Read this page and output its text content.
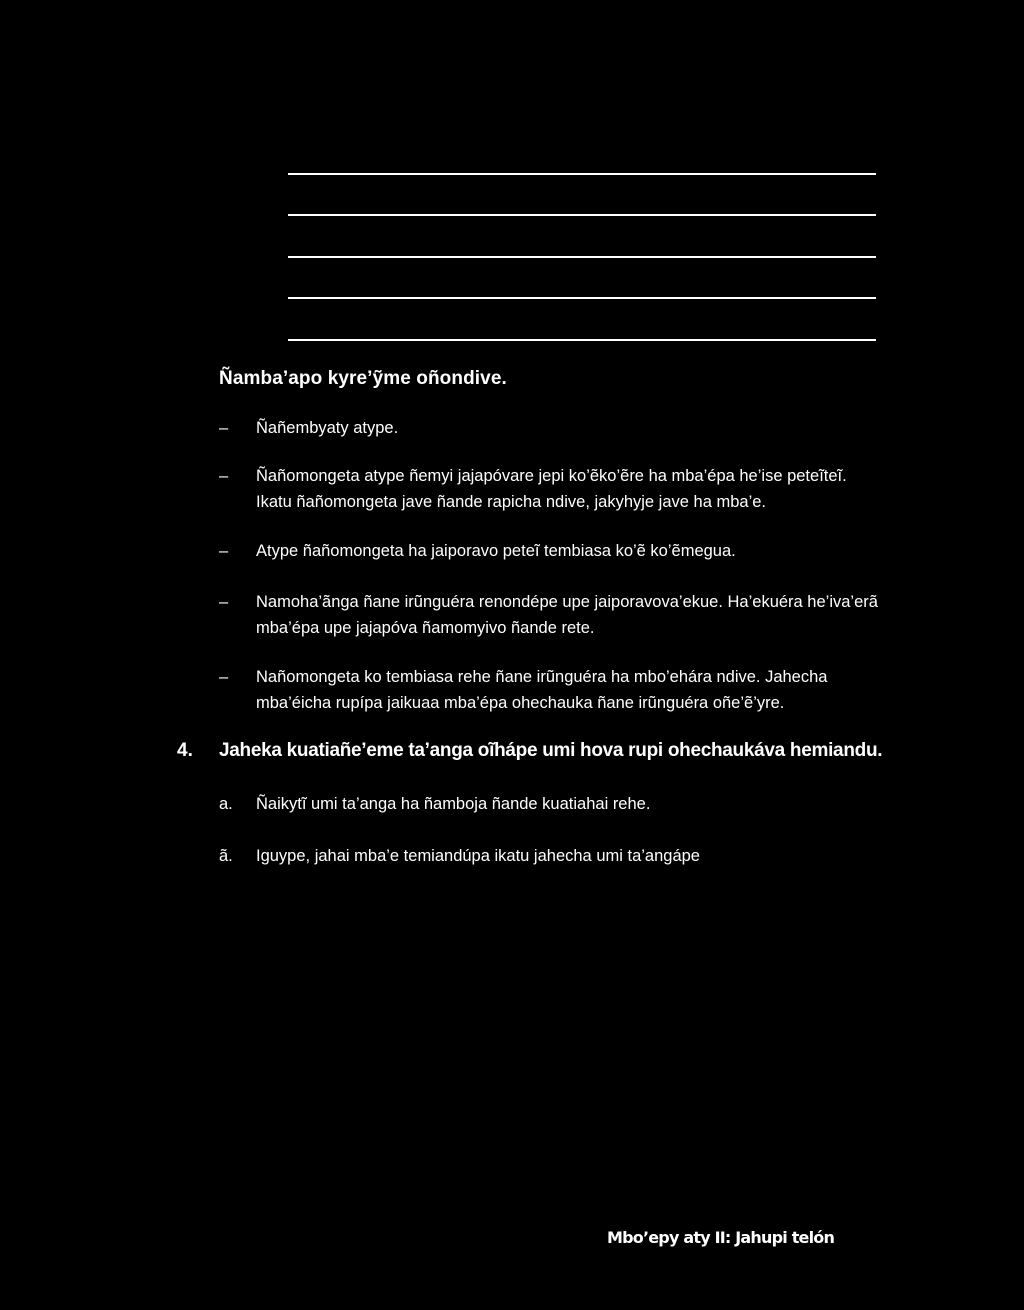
Ñamba’apo kyre’ỹme oñondive.
–	Ñañembyaty atype.
–	Ñañomongeta atype ñemyi jajapóvare jepi ko’ẽko’ẽre ha mba’épa he’ise peteĩteĩ. Ikatu ñañomongeta jave ñande rapicha ndive, jakyhyje jave ha mba’e.
–	Atype ñañomongeta ha jaiporavo peteĩ tembiasa ko’ẽ ko’ẽmegua.
–	Namoha’ãnga ñane irũnguéra renondépe upe jaiporavova’ekue. Ha’ekuéra he’iva’erã mba’épa upe jajapóva ñamomyivo ñande rete.
–	Nañomongeta ko tembiasa rehe ñane irũnguéra ha mbo’ehára ndive. Jahecha mba’éicha rupípa jaikuaa mba’épa ohechauka ñane irũnguéra oñe’ẽ’yre.
4. Jaheka kuatiañe’eme ta’anga oĩhápe umi hova rupi ohechaukáva hemiandu.
a. Ñaikytĩ umi ta’anga ha ñamboja ñande kuatiahai rehe.
ã. Iguype, jahai mba’e temiandúpa ikatu jahecha umi ta’angápe
Mbo’epy aty II: Jahupi telón
